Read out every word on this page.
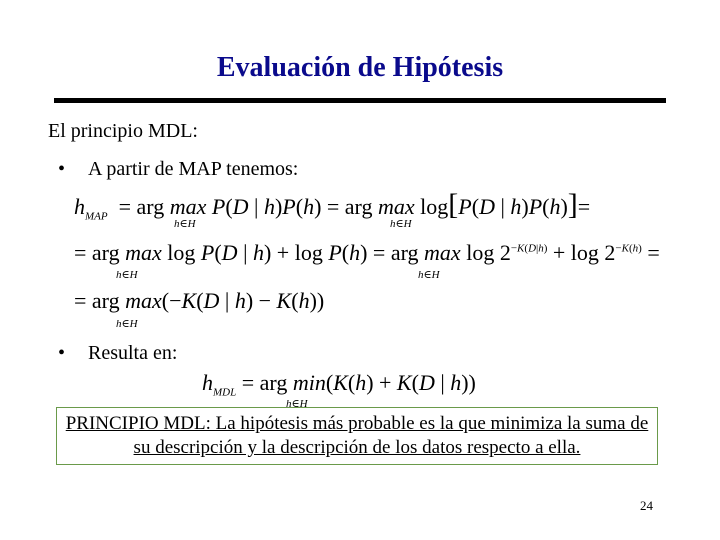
Evaluación de Hipótesis
El principio MDL:
• A partir de MAP tenemos:
$h_{MAP}$  = arg max P(D | h)P(h) = arg max log[P(D | h)P(h)]=
h∈H	h∈H
= arg max log P(D | h) + log P(h) = arg $\max \log 2^{-K(D|h)} + \log 2^{-K(h)}$ =
h∈H	h∈H
= arg max(−K(D | h) − K(h))
h∈H
• Resulta en:
$h_{MDL}$ = arg min(K(h) + K(D | h))
h∈H
PRINCIPIO MDL: La hipótesis más probable es la que minimiza la suma de su descripción y la descripción de los datos respecto a ella.
24
